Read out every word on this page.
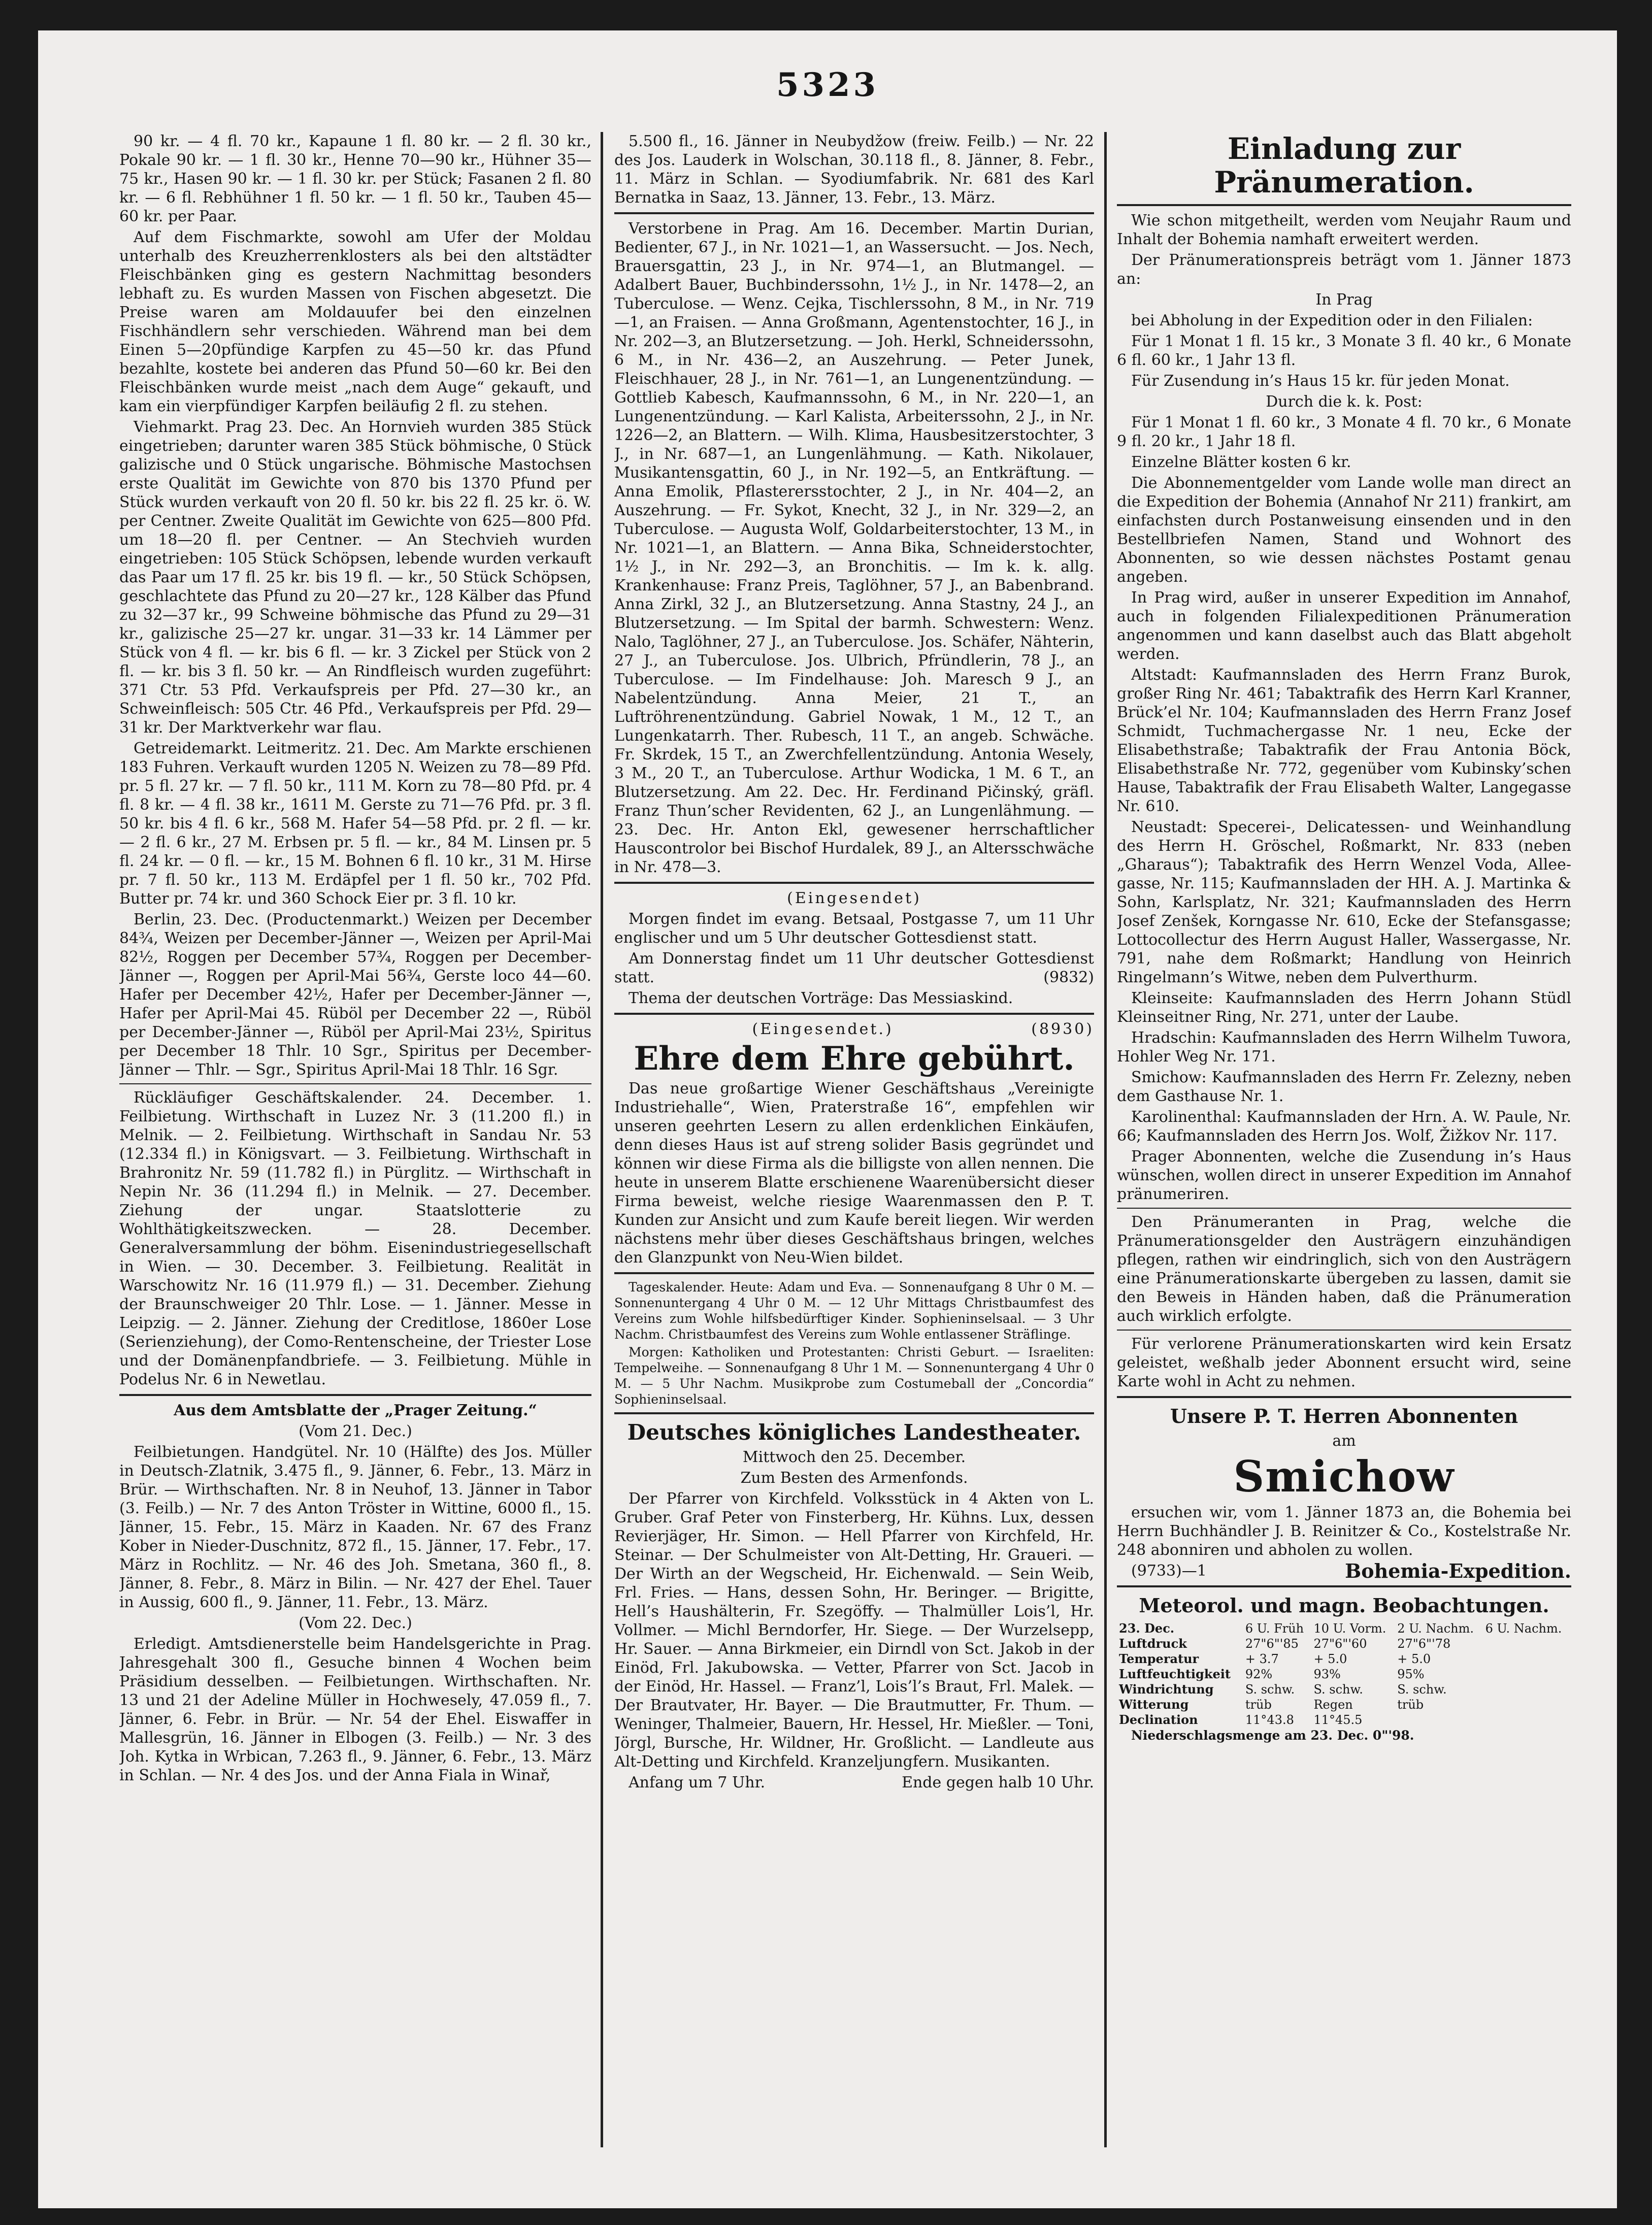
5323

90 kr. — 4 fl. 70 kr., Kapaune 1 fl. 80 kr. — 2 fl. 30 kr., Pokale 90 kr. — 1 fl. 30 kr., Henne 70—90 kr., Hühner 35—75 kr., Hasen 90 kr. — 1 fl. 30 kr. per Stück; Fasanen 2 fl. 80 kr. — 6 fl. Rebhühner 1 fl. 50 kr. — 1 fl. 50 kr., Tauben 45—60 kr. per Paar.

Auf dem Fischmarkte, sowohl am Ufer der Moldau unterhalb des Kreuzherrenklosters als bei den altstädter Fleischbänken ging es gestern Nachmittag besonders lebhaft zu. Es wurden Massen von Fischen abgesetzt. Die Preise waren am Moldauufer bei den einzelnen Fischhändlern sehr verschieden. Während man bei dem Einen 5—20pfündige Karpfen zu 45—50 kr. das Pfund bezahlte, kostete bei anderen das Pfund 50—60 kr. Bei den Fleischbänken wurde meist „nach dem Auge“ gekauft, und kam ein vierpfündiger Karpfen beiläufig 2 fl. zu stehen.

Viehmarkt. Prag 23. Dec. An Hornvieh wurden 385 Stück eingetrieben; darunter waren 385 Stück böhmische, 0 Stück galizische und 0 Stück ungarische. Böhmische Mastochsen erste Qualität im Gewichte von 870 bis 1370 Pfund per Stück wurden verkauft von 20 fl. 50 kr. bis 22 fl. 25 kr. ö. W. per Centner. Zweite Qualität im Gewichte von 625—800 Pfd. um 18—20 fl. per Centner. — An Stechvieh wurden eingetrieben: 105 Stück Schöpsen, lebende wurden verkauft das Paar um 17 fl. 25 kr. bis 19 fl. — kr., 50 Stück Schöpsen, geschlachtete das Pfund zu 20—27 kr., 128 Kälber das Pfund zu 32—37 kr., 99 Schweine böhmische das Pfund zu 29—31 kr., galizische 25—27 kr. ungar. 31—33 kr. 14 Lämmer per Stück von 4 fl. — kr. bis 6 fl. — kr. 3 Zickel per Stück von 2 fl. — kr. bis 3 fl. 50 kr. — An Rindfleisch wurden zugeführt: 371 Ctr. 53 Pfd. Verkaufspreis per Pfd. 27—30 kr., an Schweinfleisch: 505 Ctr. 46 Pfd., Verkaufspreis per Pfd. 29—31 kr. Der Marktverkehr war flau.

Getreidemarkt. Leitmeritz. 21. Dec. Am Markte erschienen 183 Fuhren. Verkauft wurden 1205 N. Weizen zu 78—89 Pfd. pr. 5 fl. 27 kr. — 7 fl. 50 kr., 111 M. Korn zu 78—80 Pfd. pr. 4 fl. 8 kr. — 4 fl. 38 kr., 1611 M. Gerste zu 71—76 Pfd. pr. 3 fl. 50 kr. bis 4 fl. 6 kr., 568 M. Hafer 54—58 Pfd. pr. 2 fl. — kr. — 2 fl. 6 kr., 27 M. Erbsen pr. 5 fl. — kr., 84 M. Linsen pr. 5 fl. 24 kr. — 0 fl. — kr., 15 M. Bohnen 6 fl. 10 kr., 31 M. Hirse pr. 7 fl. 50 kr., 113 M. Erdäpfel per 1 fl. 50 kr., 702 Pfd. Butter pr. 74 kr. und 360 Schock Eier pr. 3 fl. 10 kr.

Berlin, 23. Dec. (Productenmarkt.) Weizen per December 84¾, Weizen per December-Jänner —, Weizen per April-Mai 82½, Roggen per December 57¾, Roggen per December-Jänner —, Roggen per April-Mai 56¾, Gerste loco 44—60. Hafer per December 42½, Hafer per December-Jänner —, Hafer per April-Mai 45. Rüböl per December 22 —, Rüböl per December-Jänner —, Rüböl per April-Mai 23½, Spiritus per December 18 Thlr. 10 Sgr., Spiritus per December-Jänner — Thlr. — Sgr., Spiritus April-Mai 18 Thlr. 16 Sgr.

Rückläufiger Geschäftskalender. 24. December. 1. Feilbietung. Wirthschaft in Luzez Nr. 3 (11.200 fl.) in Melnik. — 2. Feilbietung. Wirthschaft in Sandau Nr. 53 (12.334 fl.) in Königsvart. — 3. Feilbietung. Wirthschaft in Brahronitz Nr. 59 (11.782 fl.) in Pürglitz. — Wirthschaft in Nepin Nr. 36 (11.294 fl.) in Melnik. — 27. December. Ziehung der ungar. Staatslotterie zu Wohlthätigkeitszwecken. — 28. December. Generalversammlung der böhm. Eisenindustriegesellschaft in Wien. — 30. December. 3. Feilbietung. Realität in Warschowitz Nr. 16 (11.979 fl.) — 31. December. Ziehung der Braunschweiger 20 Thlr. Lose. — 1. Jänner. Messe in Leipzig. — 2. Jänner. Ziehung der Creditlose, 1860er Lose (Serienziehung), der Como-Rentenscheine, der Triester Lose und der Domänenpfandbriefe. — 3. Feilbietung. Mühle in Podelus Nr. 6 in Newetlau.

Aus dem Amtsblatte der „Prager Zeitung.“

(Vom 21. Dec.)

Feilbietungen. Handgütel. Nr. 10 (Hälfte) des Jos. Müller in Deutsch-Zlatnik, 3.475 fl., 9. Jänner, 6. Febr., 13. März in Brür. — Wirthschaften. Nr. 8 in Neuhof, 13. Jänner in Tabor (3. Feilb.) — Nr. 7 des Anton Tröster in Wittine, 6000 fl., 15. Jänner, 15. Febr., 15. März in Kaaden. Nr. 67 des Franz Kober in Nieder-Duschnitz, 872 fl., 15. Jänner, 17. Febr., 17. März in Rochlitz. — Nr. 46 des Joh. Smetana, 360 fl., 8. Jänner, 8. Febr., 8. März in Bilin. — Nr. 427 der Ehel. Tauer in Aussig, 600 fl., 9. Jänner, 11. Febr., 13. März.

(Vom 22. Dec.)

Erledigt. Amtsdienerstelle beim Handelsgerichte in Prag. Jahresgehalt 300 fl., Gesuche binnen 4 Wochen beim Präsidium desselben. — Feilbietungen. Wirthschaften. Nr. 13 und 21 der Adeline Müller in Hochwesely, 47.059 fl., 7. Jänner, 6. Febr. in Brür. — Nr. 54 der Ehel. Eiswaffer in Mallesgrün, 16. Jänner in Elbogen (3. Feilb.) — Nr. 3 des Joh. Kytka in Wrbican, 7.263 fl., 9. Jänner, 6. Febr., 13. März in Schlan. — Nr. 4 des Jos. und der Anna Fiala in Winař,

5.500 fl., 16. Jänner in Neubydžow (freiw. Feilb.) — Nr. 22 des Jos. Lauderk in Wolschan, 30.118 fl., 8. Jänner, 8. Febr., 11. März in Schlan. — Syodiumfabrik. Nr. 681 des Karl Bernatka in Saaz, 13. Jänner, 13. Febr., 13. März.

Verstorbene in Prag. Am 16. December. Martin Durian, Bedienter, 67 J., in Nr. 1021—1, an Wassersucht. — Jos. Nech, Brauersgattin, 23 J., in Nr. 974—1, an Blutmangel. — Adalbert Bauer, Buchbinderssohn, 1½ J., in Nr. 1478—2, an Tuberculose. — Wenz. Cejka, Tischlerssohn, 8 M., in Nr. 719—1, an Fraisen. — Anna Großmann, Agentenstochter, 16 J., in Nr. 202—3, an Blutzersetzung. — Joh. Herkl, Schneiderssohn, 6 M., in Nr. 436—2, an Auszehrung. — Peter Junek, Fleischhauer, 28 J., in Nr. 761—1, an Lungenentzündung. — Gottlieb Kabesch, Kaufmannssohn, 6 M., in Nr. 220—1, an Lungenentzündung. — Karl Kalista, Arbeiterssohn, 2 J., in Nr. 1226—2, an Blattern. — Wilh. Klima, Hausbesitzerstochter, 3 J., in Nr. 687—1, an Lungenlähmung. — Kath. Nikolauer, Musikantensgattin, 60 J., in Nr. 192—5, an Entkräftung. — Anna Emolik, Pflasterersstochter, 2 J., in Nr. 404—2, an Auszehrung. — Fr. Sykot, Knecht, 32 J., in Nr. 329—2, an Tuberculose. — Augusta Wolf, Goldarbeiterstochter, 13 M., in Nr. 1021—1, an Blattern. — Anna Bika, Schneiderstochter, 1½ J., in Nr. 292—3, an Bronchitis. — Im k. k. allg. Krankenhause: Franz Preis, Taglöhner, 57 J., an Babenbrand. Anna Zirkl, 32 J., an Blutzersetzung. Anna Stastny, 24 J., an Blutzersetzung. — Im Spital der barmh. Schwestern: Wenz. Nalo, Taglöhner, 27 J., an Tuberculose. Jos. Schäfer, Nähterin, 27 J., an Tuberculose. Jos. Ulbrich, Pfründlerin, 78 J., an Tuberculose. — Im Findelhause: Joh. Maresch 9 J., an Nabelentzündung. Anna Meier, 21 T., an Luftröhrenentzündung. Gabriel Nowak, 1 M., 12 T., an Lungenkatarrh. Ther. Rubesch, 11 T., an angeb. Schwäche. Fr. Skrdek, 15 T., an Zwerchfellentzündung. Antonia Wesely, 3 M., 20 T., an Tuberculose. Arthur Wodicka, 1 M. 6 T., an Blutzersetzung. Am 22. Dec. Hr. Ferdinand Pičinský, gräfl. Franz Thun’scher Revidenten, 62 J., an Lungenlähmung. — 23. Dec. Hr. Anton Ekl, gewesener herrschaftlicher Hauscontrolor bei Bischof Hurdalek, 89 J., an Altersschwäche in Nr. 478—3.

(Eingesendet)

Morgen findet im evang. Betsaal, Postgasse 7, um 11 Uhr englischer und um 5 Uhr deutscher Gottesdienst statt.

Am Donnerstag findet um 11 Uhr deutscher Gottesdienst statt.	(9832)

Thema der deutschen Vorträge: Das Messiaskind.

(Eingesendet.)	(8930)

Ehre dem Ehre gebührt.

Das neue großartige Wiener Geschäftshaus „Vereinigte Industriehalle“, Wien, Praterstraße 16“, empfehlen wir unseren geehrten Lesern zu allen erdenklichen Einkäufen, denn dieses Haus ist auf streng solider Basis gegründet und können wir diese Firma als die billigste von allen nennen. Die heute in unserem Blatte erschienene Waarenübersicht dieser Firma beweist, welche riesige Waarenmassen den P. T. Kunden zur Ansicht und zum Kaufe bereit liegen. Wir werden nächstens mehr über dieses Geschäftshaus bringen, welches den Glanzpunkt von Neu-Wien bildet.

Tageskalender. Heute: Adam und Eva. — Sonnenaufgang 8 Uhr 0 M. — Sonnenuntergang 4 Uhr 0 M. — 12 Uhr Mittags Christbaumfest des Vereins zum Wohle hilfsbedürftiger Kinder. Sophieninselsaal. — 3 Uhr Nachm. Christbaumfest des Vereins zum Wohle entlassener Sträflinge.

Morgen: Katholiken und Protestanten: Christi Geburt. — Israeliten: Tempelweihe. — Sonnenaufgang 8 Uhr 1 M. — Sonnenuntergang 4 Uhr 0 M. — 5 Uhr Nachm. Musikprobe zum Costumeball der „Concordia“ Sophieninselsaal.

Deutsches königliches Landestheater.

Mittwoch den 25. December.

Zum Besten des Armenfonds.

Der Pfarrer von Kirchfeld. Volksstück in 4 Akten von L. Gruber. Graf Peter von Finsterberg, Hr. Kühns. Lux, dessen Revierjäger, Hr. Simon. — Hell Pfarrer von Kirchfeld, Hr. Steinar. — Der Schulmeister von Alt-Detting, Hr. Graueri. — Der Wirth an der Wegscheid, Hr. Eichenwald. — Sein Weib, Frl. Fries. — Hans, dessen Sohn, Hr. Beringer. — Brigitte, Hell’s Haushälterin, Fr. Szegöffy. — Thalmüller Lois’l, Hr. Vollmer. — Michl Berndorfer, Hr. Siege. — Der Wurzelsepp, Hr. Sauer. — Anna Birkmeier, ein Dirndl von Sct. Jakob in der Einöd, Frl. Jakubowska. — Vetter, Pfarrer von Sct. Jacob in der Einöd, Hr. Hassel. — Franz’l, Lois’l’s Braut, Frl. Malek. — Der Brautvater, Hr. Bayer. — Die Brautmutter, Fr. Thum. — Weninger, Thalmeier, Bauern, Hr. Hessel, Hr. Mießler. — Toni, Jörgl, Bursche, Hr. Wildner, Hr. Großlicht. — Landleute aus Alt-Detting und Kirchfeld. Kranzeljungfern. Musikanten.

Anfang um 7 Uhr.	Ende gegen halb 10 Uhr.

Einladung zur Pränumeration.

Wie schon mitgetheilt, werden vom Neujahr Raum und Inhalt der Bohemia namhaft erweitert werden.

Der Pränumerationspreis beträgt vom 1. Jänner 1873 an:

In Prag

bei Abholung in der Expedition oder in den Filialen:

Für 1 Monat 1 fl. 15 kr., 3 Monate 3 fl. 40 kr., 6 Monate 6 fl. 60 kr., 1 Jahr 13 fl.

Für Zusendung in’s Haus 15 kr. für jeden Monat.

Durch die k. k. Post:

Für 1 Monat 1 fl. 60 kr., 3 Monate 4 fl. 70 kr., 6 Monate 9 fl. 20 kr., 1 Jahr 18 fl.

Einzelne Blätter kosten 6 kr.

Die Abonnementgelder vom Lande wolle man direct an die Expedition der Bohemia (Annahof Nr 211) frankirt, am einfachsten durch Postanweisung einsenden und in den Bestellbriefen Namen, Stand und Wohnort des Abonnenten, so wie dessen nächstes Postamt genau angeben.

In Prag wird, außer in unserer Expedition im Annahof, auch in folgenden Filialexpeditionen Pränumeration angenommen und kann daselbst auch das Blatt abgeholt werden.

Altstadt: Kaufmannsladen des Herrn Franz Burok, großer Ring Nr. 461; Tabaktrafik des Herrn Karl Kranner, Brück’el Nr. 104; Kaufmannsladen des Herrn Franz Josef Schmidt, Tuchmachergasse Nr. 1 neu, Ecke der Elisabethstraße; Tabaktrafik der Frau Antonia Böck, Elisabethstraße Nr. 772, gegenüber vom Kubinsky’schen Hause, Tabaktrafik der Frau Elisabeth Walter, Langegasse Nr. 610.

Neustadt: Specerei-, Delicatessen- und Weinhandlung des Herrn H. Gröschel, Roßmarkt, Nr. 833 (neben „Gharaus“); Tabaktrafik des Herrn Wenzel Voda, Allee-gasse, Nr. 115; Kaufmannsladen der HH. A. J. Martinka & Sohn, Karlsplatz, Nr. 321; Kaufmannsladen des Herrn Josef Zenšek, Korngasse Nr. 610, Ecke der Stefansgasse; Lottocollectur des Herrn August Haller, Wassergasse, Nr. 791, nahe dem Roßmarkt; Handlung von Heinrich Ringelmann’s Witwe, neben dem Pulverthurm.

Kleinseite: Kaufmannsladen des Herrn Johann Stüdl Kleinseitner Ring, Nr. 271, unter der Laube.

Hradschin: Kaufmannsladen des Herrn Wilhelm Tuwora, Hohler Weg Nr. 171.

Smichow: Kaufmannsladen des Herrn Fr. Zelezny, neben dem Gasthause Nr. 1.

Karolinenthal: Kaufmannsladen der Hrn. A. W. Paule, Nr. 66; Kaufmannsladen des Herrn Jos. Wolf, Žižkov Nr. 117.

Prager Abonnenten, welche die Zusendung in’s Haus wünschen, wollen direct in unserer Expedition im Annahof pränumeriren.

Den Pränumeranten in Prag, welche die Pränumerationsgelder den Austrägern einzuhändigen pflegen, rathen wir eindringlich, sich von den Austrägern eine Pränumerationskarte übergeben zu lassen, damit sie den Beweis in Händen haben, daß die Pränumeration auch wirklich erfolgte.

Für verlorene Pränumerationskarten wird kein Ersatz geleistet, weßhalb jeder Abonnent ersucht wird, seine Karte wohl in Acht zu nehmen.

Unsere P. T. Herren Abonnenten

am

Smichow

ersuchen wir, vom 1. Jänner 1873 an, die Bohemia bei Herrn Buchhändler J. B. Reinitzer & Co., Kostelstraße Nr. 248 abonniren und abholen zu wollen.

(9733)—1	Bohemia-Expedition.

Meteorol. und magn. Beobachtungen.

23. Dec.	6 U. Früh	10 U. Vorm.	2 U. Nachm.	6 U. Nachm.
Luftdruck	27"6"'85	27"6"'60	27"6"'78	
Temperatur	+ 3.7	+ 5.0	+ 5.0	
Luftfeuchtigkeit	92%	93%	95%	
Windrichtung	S. schw.	S. schw.	S. schw.	
Witterung	trüb	Regen	trüb	
Declination	11°43.8	11°45.5		

Niederschlagsmenge am 23. Dec. 0"'98.
